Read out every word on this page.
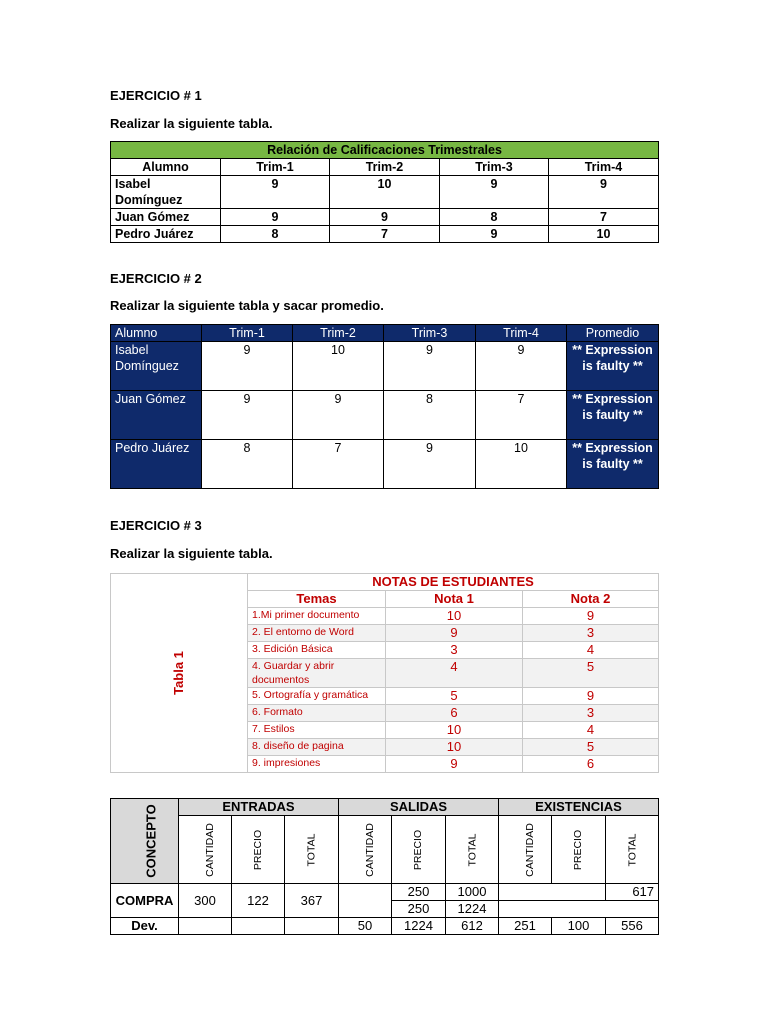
EJERCICIO # 1
Realizar la siguiente tabla.
Relación de Calificaciones Trimestrales				
Alumno	Trim-1	Trim-2	Trim-3	Trim-4
Isabel Domínguez	9	10	9	9
Juan Gómez	9	9	8	7
Pedro Juárez	8	7	9	10
EJERCICIO # 2
Realizar la siguiente tabla y sacar promedio.
Alumno	Trim-1	Trim-2	Trim-3	Trim-4	Promedio
Isabel Domínguez	9	10	9	9	** Expression is faulty **
Juan Gómez	9	9	8	7	** Expression is faulty **
Pedro Juárez	8	7	9	10	** Expression is faulty **
EJERCICIO # 3
Realizar la siguiente tabla.
Tabla 1	NOTAS DE ESTUDIANTES		
	Temas	Nota 1	Nota 2
	1.Mi primer documento	10	9
	2. El entorno de Word	9	3
	3. Edición Básica	3	4
	4. Guardar y abrir documentos	4	5
	5. Ortografía y gramática	5	9
	6. Formato	6	3
	7. Estilos	10	4
	8. diseño de pagina	10	5
	9. impresiones	9	6
CONCEPTO	ENTRADAS			SALIDAS			EXISTENCIAS		
	CANTIDAD	PRECIO	TOTAL	CANTIDAD	PRECIO	TOTAL	CANTIDAD	PRECIO	TOTAL
COMPRA	300	122	367		250	1000			617
					250	1224			
Dev.				50	1224	612	251	100	556
